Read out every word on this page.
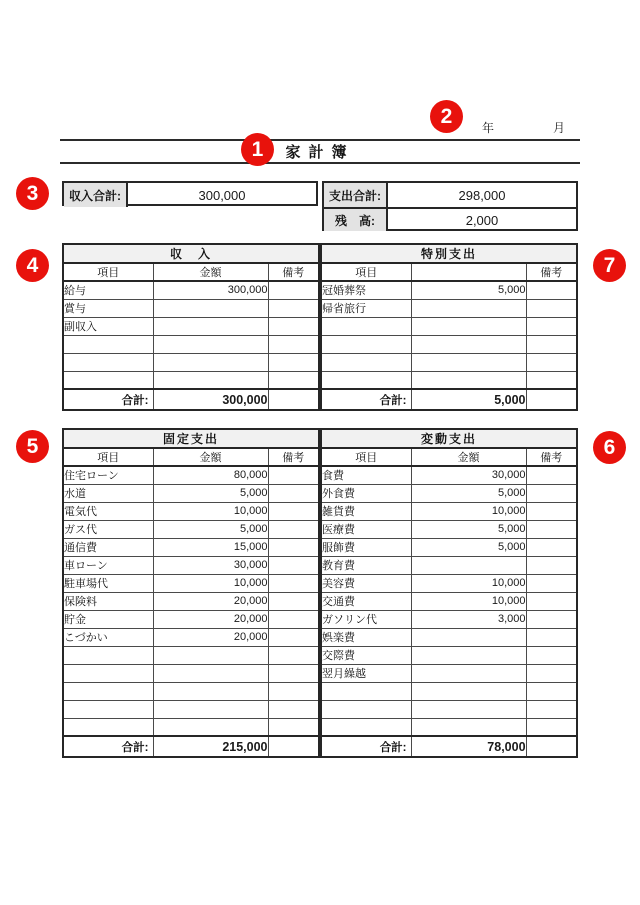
年	月
家計簿
収入合計:	300,000	支出合計:	298,000
残　高:	2,000
収　入		
項目	金額	備考
給与	300,000	
賞与		
副収入		

合計:	300,000	
特別支出		
項目		備考
冠婚葬祭	5,000	
帰省旅行		

合計:	5,000	
固定支出		
項目	金額	備考
住宅ローン	80,000	
水道	5,000	
電気代	10,000	
ガス代	5,000	
通信費	15,000	
車ローン	30,000	
駐車場代	10,000	
保険料	20,000	
貯金	20,000	
こづかい	20,000	

合計:	215,000	
変動支出		
項目	金額	備考
食費	30,000	
外食費	5,000	
雑貨費	10,000	
医療費	5,000	
服飾費	5,000	
教育費		
美容費	10,000	
交通費	10,000	
ガソリン代	3,000	
娯楽費		
交際費		
翌月繰越		

合計:	78,000	
1
2
3
4
5	6
7
